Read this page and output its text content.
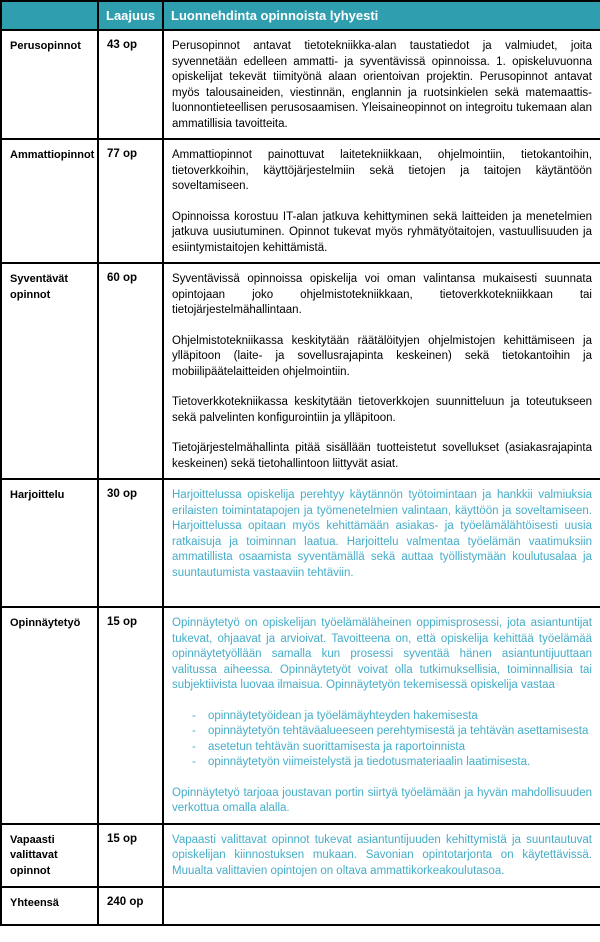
	Laajuus	Luonnehdinta opinnoista lyhyesti
Perusopinnot	43 op	Perusopinnot antavat tietotekniikka-alan taustatiedot ja valmiudet, joita syvennetään edelleen ammatti- ja syventävissä opinnoissa. 1. opiskeluvuonna opiskelijat tekevät tiimityönä alaan orientoivan projektin. Perusopinnot antavat myös talousaineiden, viestinnän, englannin ja ruotsinkielen sekä matemaattis-luonnontieteellisen perusosaamisen. Yleisaineopinnot on integroitu tukemaan alan ammatillisia tavoitteita.

Ammattiopinnot	77 op	Ammattiopinnot painottuvat laitetekniikkaan, ohjelmointiin, tietokantoihin, tietoverkkoihin, käyttöjärjestelmiin sekä tietojen ja taitojen käytäntöön soveltamiseen.
Opinnoissa korostuu IT-alan jatkuva kehittyminen sekä laitteiden ja menetelmien jatkuva uusiutuminen. Opinnot tukevat myös ryhmätyötaitojen, vastuullisuuden ja esiintymistaitojen kehittämistä.

Syventävät opinnot	60 op	Syventävissä opinnoissa opiskelija voi oman valintansa mukaisesti suunnata opintojaan joko ohjelmistotekniikkaan, tietoverkkotekniikkaan tai tietojärjestelmähallintaan.
Ohjelmistotekniikassa keskitytään räätälöityjen ohjelmistojen kehittämiseen ja ylläpitoon (laite- ja sovellusrajapinta keskeinen) sekä tietokantoihin ja mobiilipäätelaitteiden ohjelmointiin.
Tietoverkkotekniikassa keskitytään tietoverkkojen suunnitteluun ja toteutukseen sekä palvelinten konfigurointiin ja ylläpitoon.
Tietojärjestelmähallinta pitää sisällään tuotteistetut sovellukset (asiakasrajapinta keskeinen) sekä tietohallintoon liittyvät asiat.

Harjoittelu	30 op	Harjoittelussa opiskelija perehtyy käytännön työtoimintaan ja hankkii valmiuksia erilaisten toimintatapojen ja työmenetelmien valintaan, käyttöön ja soveltamiseen. Harjoittelussa opitaan myös kehittämään asiakas- ja työelämälähtöisesti uusia ratkaisuja ja toiminnan laatua. Harjoittelu valmentaa työelämän vaatimuksiin ammatillista osaamista syventämällä sekä auttaa työllistymään koulutusalaa ja suuntautumista vastaaviin tehtäviin.

Opinnäytetyö	15 op	Opinnäytetyö on opiskelijan työelämäläheinen oppimisprosessi, jota asiantuntijat tukevat, ohjaavat ja arvioivat. Tavoitteena on, että opiskelija kehittää työelämää opinnäytetyöllään samalla kun prosessi syventää hänen asiantuntijuuttaan valitussa aiheessa. Opinnäytetyöt voivat olla tutkimuksellisia, toiminnallisia tai subjektiivista luovaa ilmaisua. Opinnäytetyön tekemisessä opiskelija vastaa
-	opinnäytetyöidean ja työelämäyhteyden hakemisesta
-	opinnäytetyön tehtäväalueeseen perehtymisestä ja tehtävän asettamisesta
-	asetetun tehtävän suorittamisesta ja raportoinnista
-	opinnäytetyön viimeistelystä ja tiedotusmateriaalin laatimisesta.
Opinnäytetyö tarjoaa joustavan portin siirtyä työelämään ja hyvän mahdollisuuden verkottua omalla alalla.

Vapaasti valittavat opinnot	15 op	Vapaasti valittavat opinnot tukevat asiantuntijuuden kehittymistä ja suuntautuvat opiskelijan kiinnostuksen mukaan. Savonian opintotarjonta on käytettävissä. Muualta valittavien opintojen on oltava ammattikorkeakoulutasoa.

Yhteensä	240 op	
